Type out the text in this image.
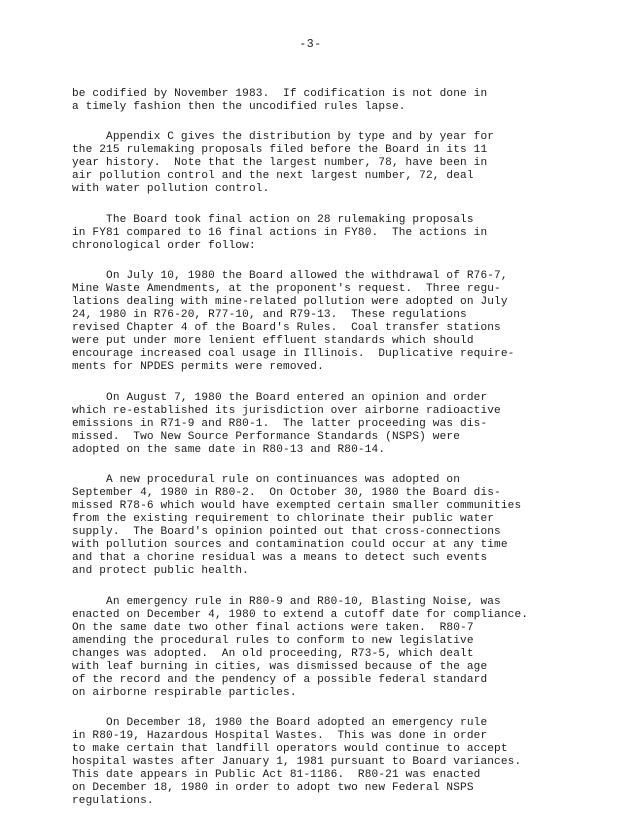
-3-

be codified by November 1983.  If codification is not done in
a timely fashion then the uncodified rules lapse.

Appendix C gives the distribution by type and by year for
the 215 rulemaking proposals filed before the Board in its 11
year history.  Note that the largest number, 78, have been in
air pollution control and the next largest number, 72, deal
with water pollution control.

The Board took final action on 28 rulemaking proposals
in FY81 compared to 16 final actions in FY80.  The actions in
chronological order follow:

On July 10, 1980 the Board allowed the withdrawal of R76-7,
Mine Waste Amendments, at the proponent's request.  Three regu-
lations dealing with mine-related pollution were adopted on July
24, 1980 in R76-20, R77-10, and R79-13.  These regulations
revised Chapter 4 of the Board's Rules.  Coal transfer stations
were put under more lenient effluent standards which should
encourage increased coal usage in Illinois.  Duplicative require-
ments for NPDES permits were removed.

On August 7, 1980 the Board entered an opinion and order
which re-established its jurisdiction over airborne radioactive
emissions in R71-9 and R80-1.  The latter proceeding was dis-
missed.  Two New Source Performance Standards (NSPS) were
adopted on the same date in R80-13 and R80-14.

A new procedural rule on continuances was adopted on
September 4, 1980 in R80-2.  On October 30, 1980 the Board dis-
missed R78-6 which would have exempted certain smaller communities
from the existing requirement to chlorinate their public water
supply.  The Board's opinion pointed out that cross-connections
with pollution sources and contamination could occur at any time
and that a chorine residual was a means to detect such events
and protect public health.

An emergency rule in R80-9 and R80-10, Blasting Noise, was
enacted on December 4, 1980 to extend a cutoff date for compliance.
On the same date two other final actions were taken.  R80-7
amending the procedural rules to conform to new legislative
changes was adopted.  An old proceeding, R73-5, which dealt
with leaf burning in cities, was dismissed because of the age
of the record and the pendency of a possible federal standard
on airborne respirable particles.

On December 18, 1980 the Board adopted an emergency rule
in R80-19, Hazardous Hospital Wastes.  This was done in order
to make certain that landfill operators would continue to accept
hospital wastes after January 1, 1981 pursuant to Board variances.
This date appears in Public Act 81-1186.  R80-21 was enacted
on December 18, 1980 in order to adopt two new Federal NSPS
regulations.
